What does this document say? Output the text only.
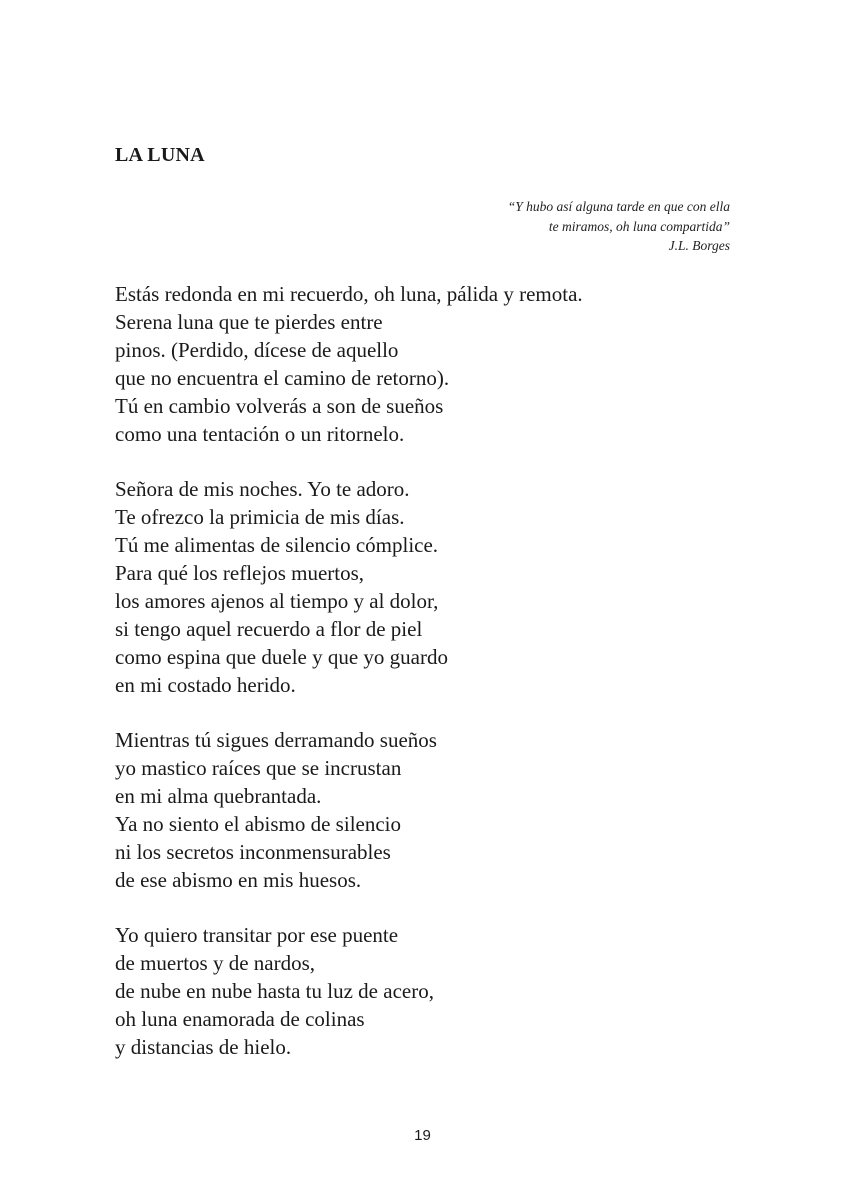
LA LUNA
“Y hubo así alguna tarde en que con ella
te miramos, oh luna compartida”
J.L. Borges
Estás redonda en mi recuerdo, oh luna, pálida y remota.
Serena luna que te pierdes entre
pinos. (Perdido, dícese de aquello
que no encuentra el camino de retorno).
Tú en cambio volverás a son de sueños
como una tentación o un ritornelo.
Señora de mis noches. Yo te adoro.
Te ofrezco la primicia de mis días.
Tú me alimentas de silencio cómplice.
Para qué los reflejos muertos,
los amores ajenos al tiempo y al dolor,
si tengo aquel recuerdo a flor de piel
como espina que duele y que yo guardo
en mi costado herido.
Mientras tú sigues derramando sueños
yo mastico raíces que se incrustan
en mi alma quebrantada.
Ya no siento el abismo de silencio
ni los secretos inconmensurables
de ese abismo en mis huesos.
Yo quiero transitar por ese puente
de muertos y de nardos,
de nube en nube hasta tu luz de acero,
oh luna enamorada de colinas
y distancias de hielo.
19
